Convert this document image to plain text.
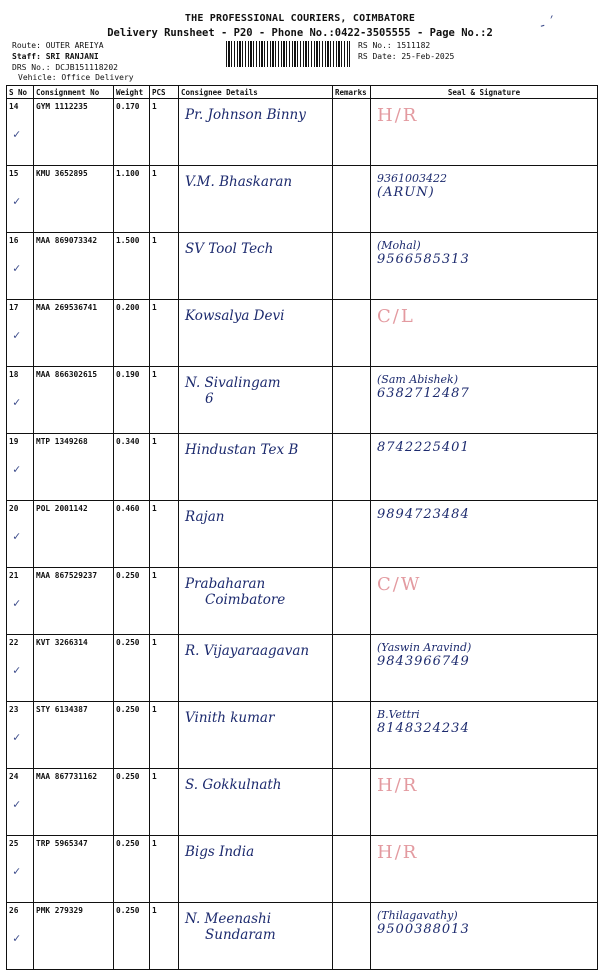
THE PROFESSIONAL COURIERS, COIMBATORE
Delivery Runsheet - P20 - Phone No.:0422-3505555 - Page No.:2
Route: OUTER AREIYA
Staff: SRI RANJANI
DRS No.: DCJB151118202
Vehicle: Office Delivery
RS No.: 1511182
RS Date: 25-Feb-2025
- ˊ
S No	Consignment No	Weight	PCS	Consignee Details	Remarks	Seal & Signature
14
✓	GYM 1112235	0.170	1	Pr. Johnson Binny		H/R

15
✓	KMU 3652895	1.100	1	V.M. Bhaskaran		9361003422
(ARUN)

16
✓	MAA 869073342	1.500	1	SV Tool Tech		(Mohal)
9566585313

17
✓	MAA 269536741	0.200	1	Kowsalya Devi		C/L

18
✓	MAA 866302615	0.190	1	N. Sivalingam
6		(Sam Abishek)
6382712487

19
✓	MTP 1349268	0.340	1	Hindustan Tex B		8742225401

20
✓	POL 2001142	0.460	1	Rajan		9894723484

21
✓	MAA 867529237	0.250	1	Prabaharan
Coimbatore		C/W

22
✓	KVT 3266314	0.250	1	R. Vijayaraagavan		(Yaswin Aravind)
9843966749

23
✓	STY 6134387	0.250	1	Vinith kumar		B.Vettri
8148324234

24
✓	MAA 867731162	0.250	1	S. Gokkulnath		H/R

25
✓	TRP 5965347	0.250	1	Bigs India		H/R

26
✓	PMK 279329	0.250	1	N. Meenashi
Sundaram		(Thilagavathy)
9500388013
